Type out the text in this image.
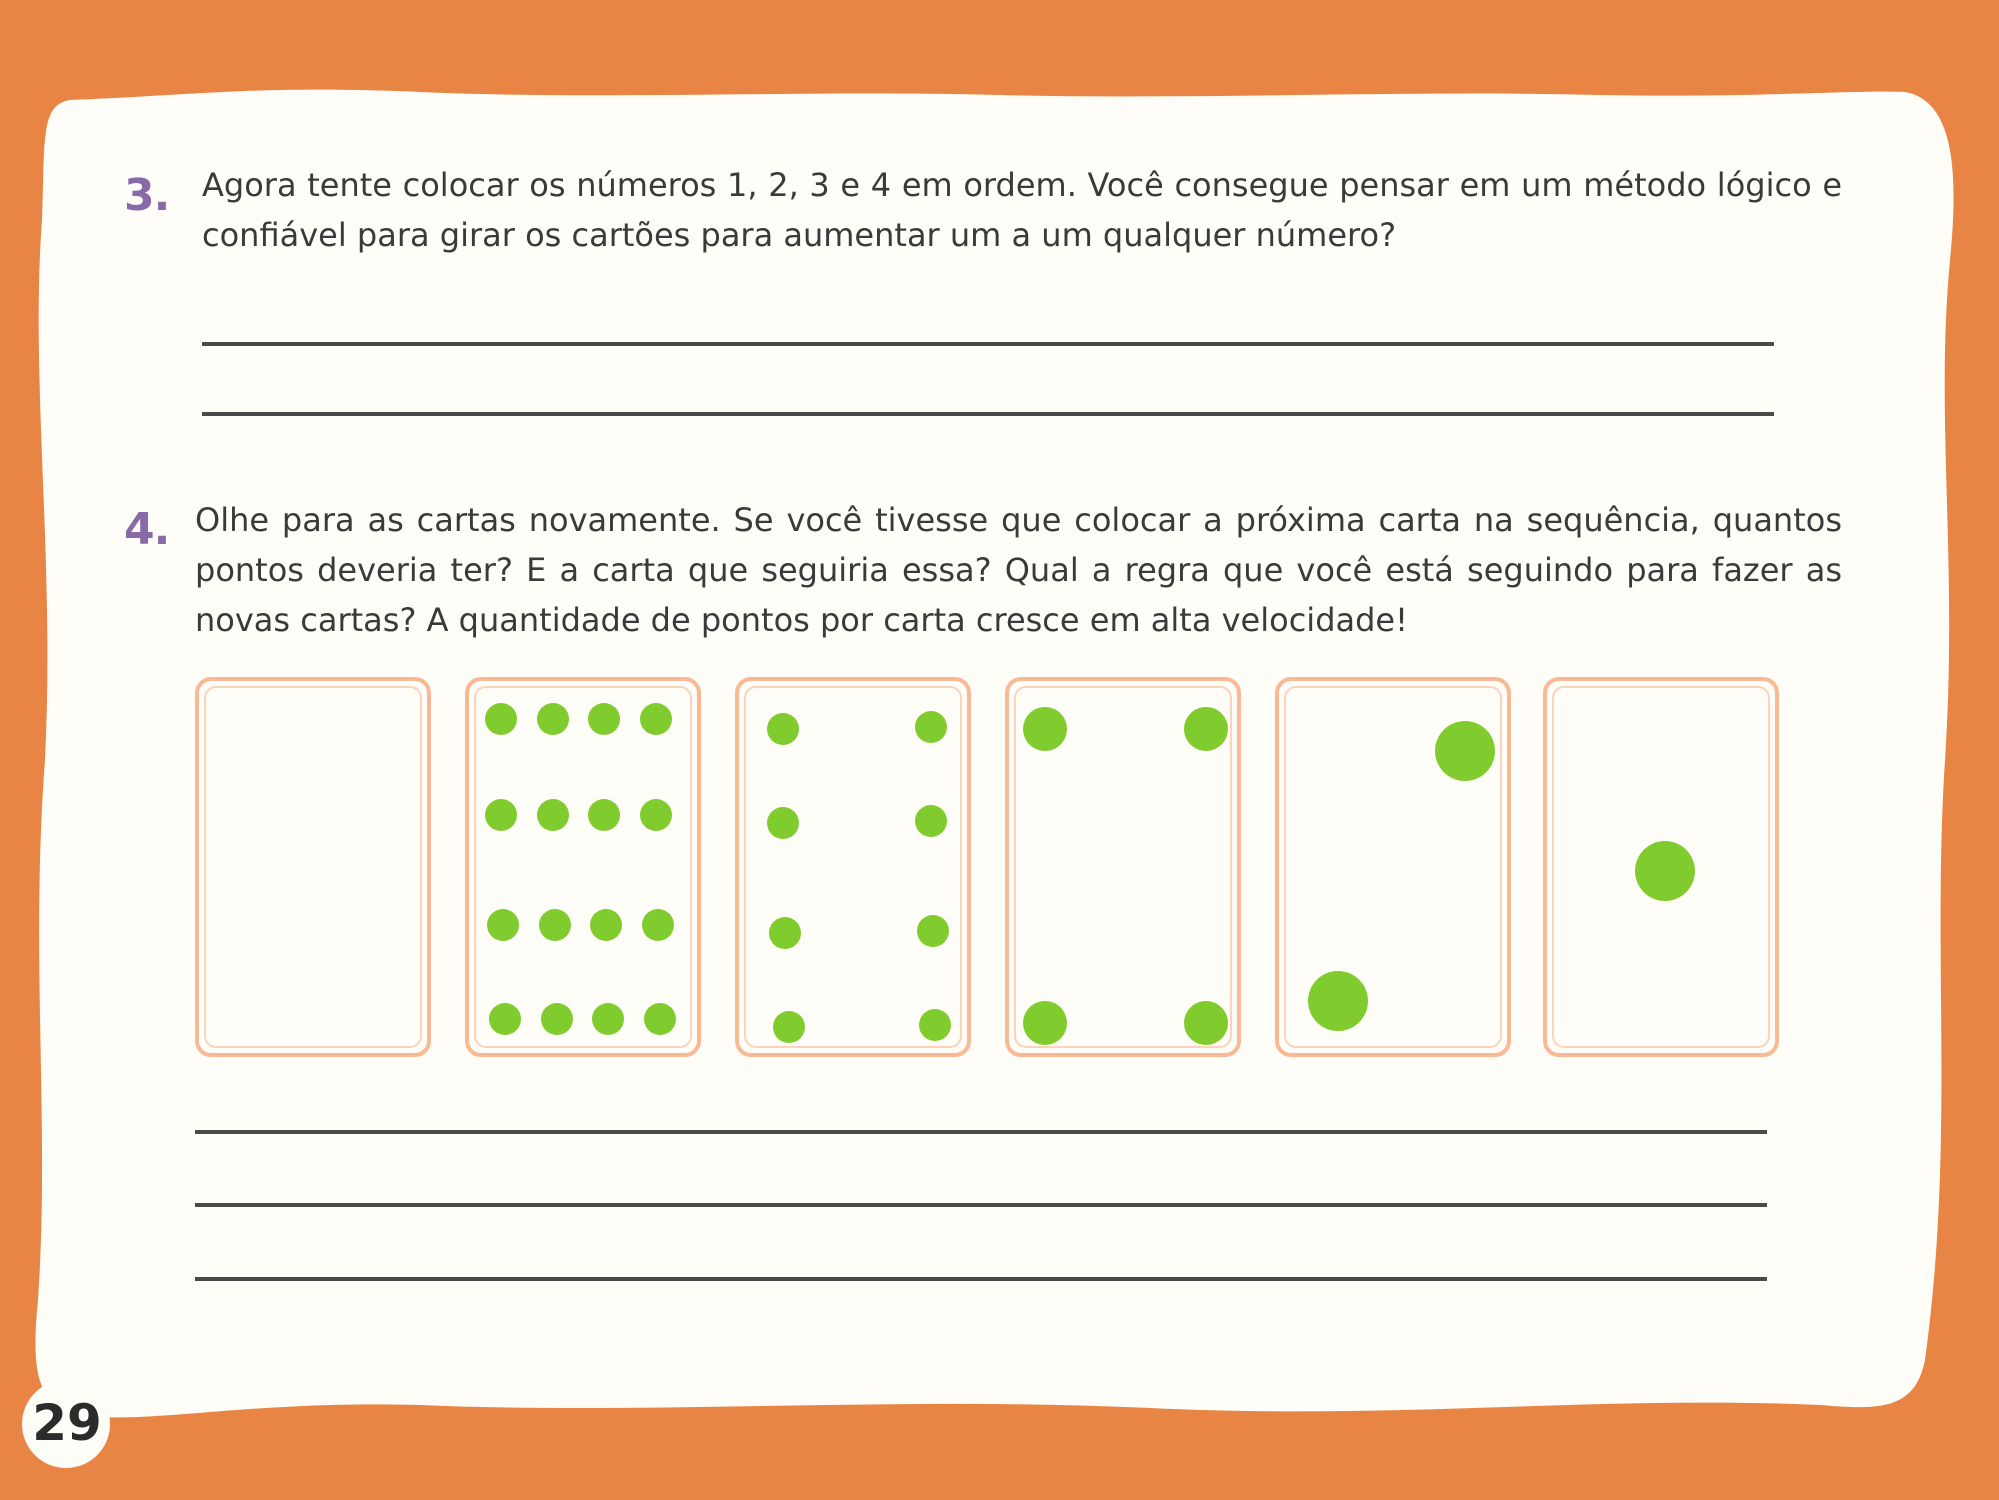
3. Agora tente colocar os números 1, 2, 3 e 4 em ordem. Você consegue pensar em um método lógico e confiável para girar os cartões para aumentar um a um qualquer número?
4. Olhe para as cartas novamente. Se você tivesse que colocar a próxima carta na sequência, quantos pontos deveria ter? E a carta que seguiria essa? Qual a regra que você está seguindo para fazer as novas cartas? A quantidade de pontos por carta cresce em alta velocidade!
29
